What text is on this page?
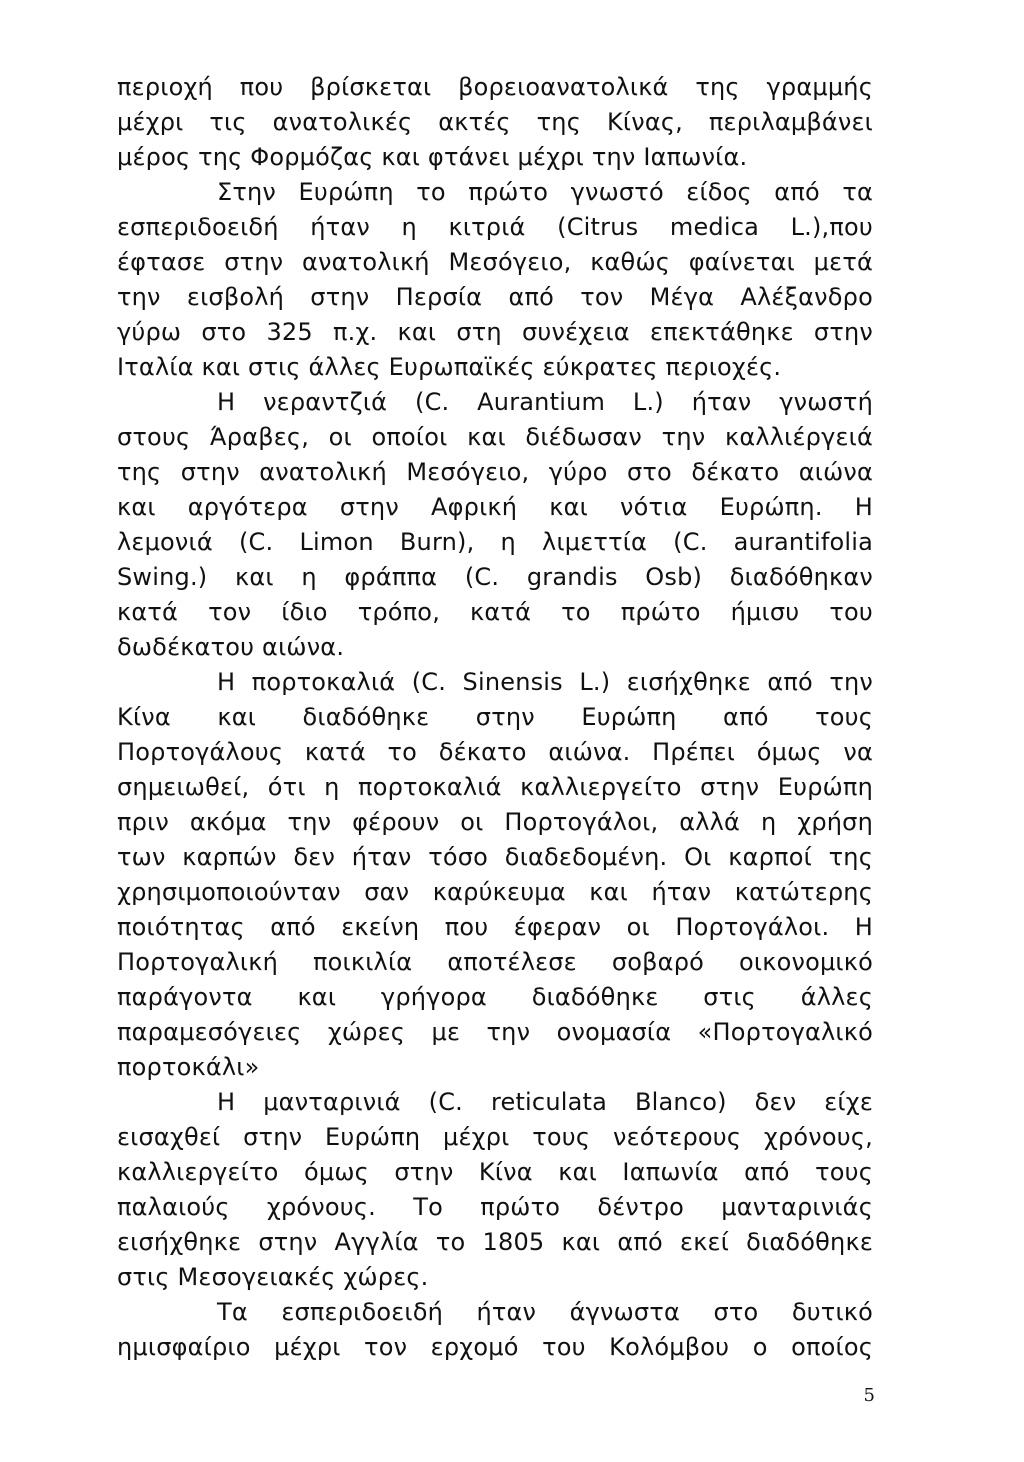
περιοχή που βρίσκεται βορειοανατολικά της γραμμής
μέχρι τις ανατολικές ακτές της Κίνας, περιλαμβάνει
μέρος της Φορμόζας και φτάνει μέχρι την Ιαπωνία.
Στην Ευρώπη το πρώτο γνωστό είδος από τα
εσπεριδοειδή ήταν η κιτριά (Citrus medica L.),που
έφτασε στην ανατολική Μεσόγειο, καθώς φαίνεται μετά
την εισβολή στην Περσία από τον Μέγα Αλέξανδρο
γύρω στο 325 π.χ. και στη συνέχεια επεκτάθηκε στην
Ιταλία και στις άλλες Ευρωπαϊκές εύκρατες περιοχές.
Η νεραντζιά (C. Aurantium L.) ήταν γνωστή
στους Άραβες, οι οποίοι και διέδωσαν την καλλιέργειά
της στην ανατολική Μεσόγειο, γύρο στο δέκατο αιώνα
και αργότερα στην Αφρική και νότια Ευρώπη. Η
λεμονιά (C. Limon Burn), η λιμεττία (C. aurantifolia
Swing.) και η φράππα (C. grandis Osb) διαδόθηκαν
κατά τον ίδιο τρόπο, κατά το πρώτο ήμισυ του
δωδέκατου αιώνα.
Η πορτοκαλιά (C. Sinensis L.) εισήχθηκε από την
Κίνα και διαδόθηκε στην Ευρώπη από τους
Πορτογάλους κατά το δέκατο αιώνα. Πρέπει όμως να
σημειωθεί, ότι η πορτοκαλιά καλλιεργείτο στην Ευρώπη
πριν ακόμα την φέρουν οι Πορτογάλοι, αλλά η χρήση
των καρπών δεν ήταν τόσο διαδεδομένη. Οι καρποί της
χρησιμοποιούνταν σαν καρύκευμα και ήταν κατώτερης
ποιότητας από εκείνη που έφεραν οι Πορτογάλοι. Η
Πορτογαλική ποικιλία αποτέλεσε σοβαρό οικονομικό
παράγοντα και γρήγορα διαδόθηκε στις άλλες
παραμεσόγειες χώρες με την ονομασία «Πορτογαλικό
πορτοκάλι»
Η μανταρινιά (C. reticulata Blanco) δεν είχε
εισαχθεί στην Ευρώπη μέχρι τους νεότερους χρόνους,
καλλιεργείτο όμως στην Κίνα και Ιαπωνία από τους
παλαιούς χρόνους. Το πρώτο δέντρο μανταρινιάς
εισήχθηκε στην Αγγλία το 1805 και από εκεί διαδόθηκε
στις Μεσογειακές χώρες.
Τα εσπεριδοειδή ήταν άγνωστα στο δυτικό
ημισφαίριο μέχρι τον ερχομό του Κολόμβου ο οποίος
5
